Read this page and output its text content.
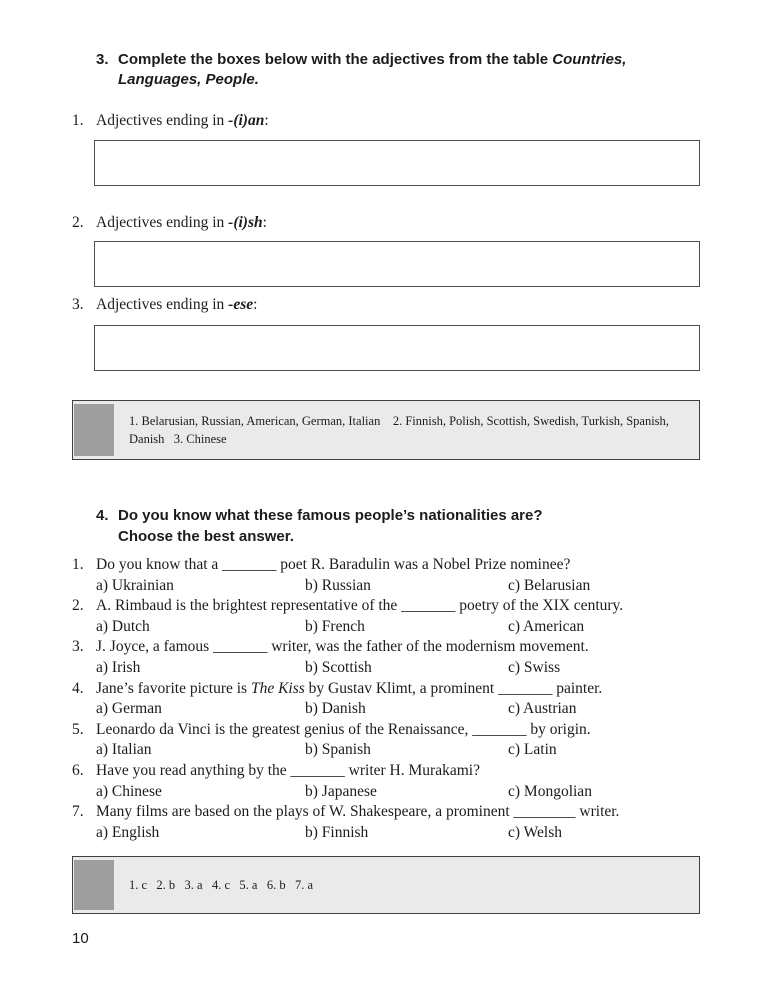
3. Complete the boxes below with the adjectives from the table Countries, Languages, People.
1. Adjectives ending in -(i)an:
2. Adjectives ending in -(i)sh:
3. Adjectives ending in -ese:
1. Belarusian, Russian, American, German, Italian    2. Finnish, Polish, Scottish, Swedish, Turkish, Spanish, Danish   3. Chinese
4. Do you know what these famous people’s nationalities are?
Choose the best answer.
1. Do you know that a _______ poet R. Baradulin was a Nobel Prize nominee?
a) Ukrainian	b) Russian	c) Belarusian
2. A. Rimbaud is the brightest representative of the _______ poetry of the XIX century.
a) Dutch	b) French	c) American
3. J. Joyce, a famous _______ writer, was the father of the modernism movement.
a) Irish	b) Scottish	c) Swiss
4. Jane’s favorite picture is The Kiss by Gustav Klimt, a prominent _______ painter.
a) German	b) Danish	c) Austrian
5. Leonardo da Vinci is the greatest genius of the Renaissance, _______ by origin.
a) Italian	b) Spanish	c) Latin
6. Have you read anything by the _______ writer H. Murakami?
a) Chinese	b) Japanese	c) Mongolian
7. Many films are based on the plays of W. Shakespeare, a prominent ________ writer.
a) English	b) Finnish	c) Welsh
1. c   2. b   3. a   4. c   5. a   6. b   7. a
10
